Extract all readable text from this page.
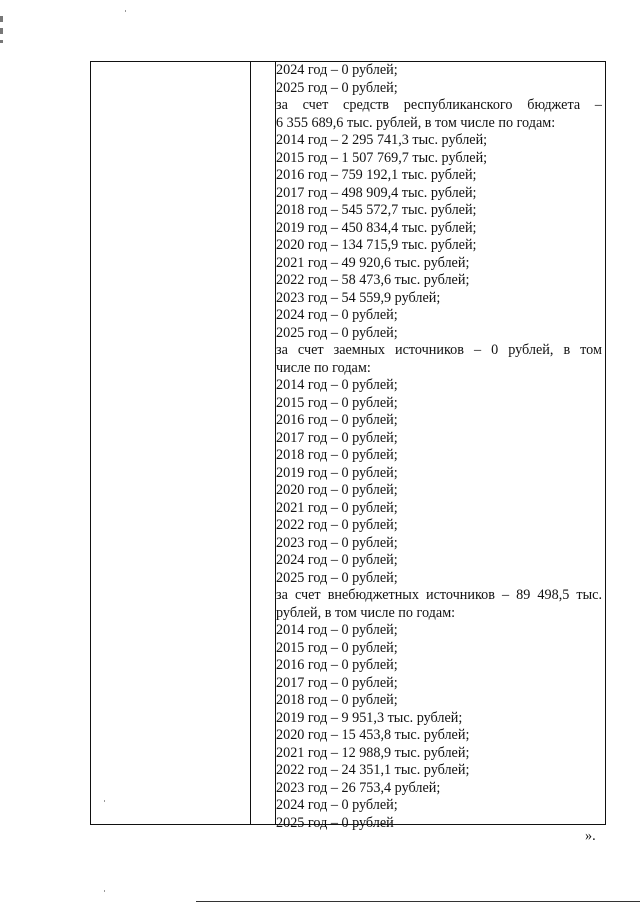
2024 год – 0 рублей;
2025 год – 0 рублей;
за счет средств республиканского бюджета –
6 355 689,6 тыс. рублей, в том числе по годам:
2014 год – 2 295 741,3 тыс. рублей;
2015 год – 1 507 769,7 тыс. рублей;
2016 год – 759 192,1 тыс. рублей;
2017 год – 498 909,4 тыс. рублей;
2018 год – 545 572,7 тыс. рублей;
2019 год – 450 834,4 тыс. рублей;
2020 год – 134 715,9 тыс. рублей;
2021 год – 49 920,6 тыс. рублей;
2022 год – 58 473,6 тыс. рублей;
2023 год – 54 559,9 рублей;
2024 год – 0 рублей;
2025 год – 0 рублей;
за счет заемных источников – 0 рублей, в том
числе по годам:
2014 год – 0 рублей;
2015 год – 0 рублей;
2016 год – 0 рублей;
2017 год – 0 рублей;
2018 год – 0 рублей;
2019 год – 0 рублей;
2020 год – 0 рублей;
2021 год – 0 рублей;
2022 год – 0 рублей;
2023 год – 0 рублей;
2024 год – 0 рублей;
2025 год – 0 рублей;
за счет внебюджетных источников – 89 498,5 тыс.
рублей, в том числе по годам:
2014 год – 0 рублей;
2015 год – 0 рублей;
2016 год – 0 рублей;
2017 год – 0 рублей;
2018 год – 0 рублей;
2019 год – 9 951,3 тыс. рублей;
2020 год – 15 453,8 тыс. рублей;
2021 год – 12 988,9 тыс. рублей;
2022 год – 24 351,1 тыс. рублей;
2023 год – 26 753,4 рублей;
2024 год – 0 рублей;
2025 год – 0 рублей
».
